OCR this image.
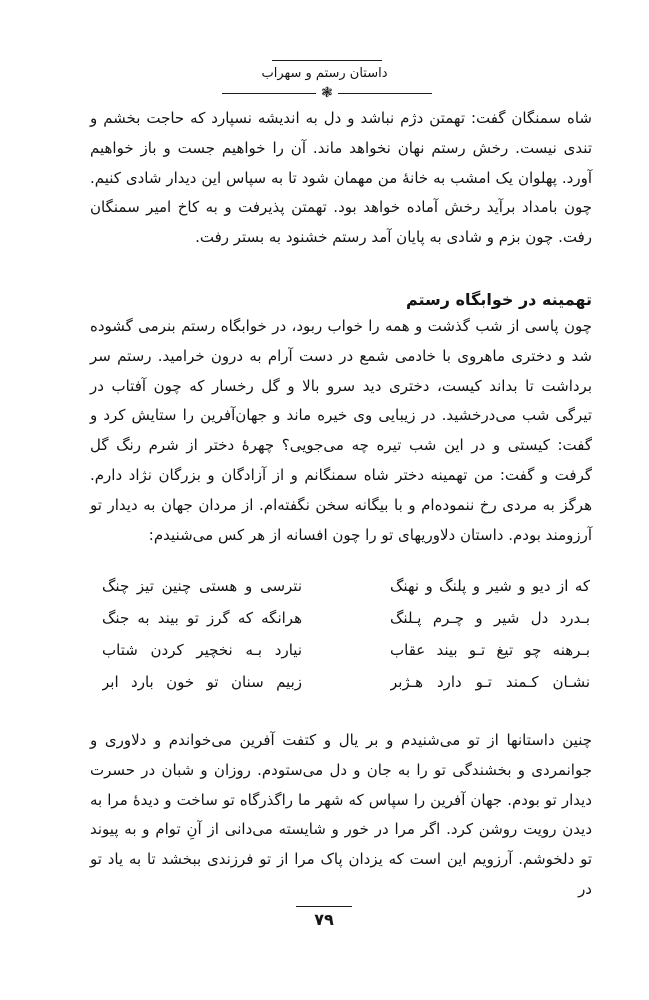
داستان رستم و سهراب
❃

شاه سمنگان گفت: تهمتن دژم نباشد و دل به اندیشه نسپارد که حاجت بخشم و تندی نیست. رخش رستم نهان نخواهد ماند. آن را خواهیم جست و باز خواهیم آورد. پهلوان یک امشب به خانهٔ من مهمان شود تا به سپاس این دیدار شادی کنیم. چون بامداد برآید رخش آماده خواهد بود. تهمتن پذیرفت و به کاخ امیر سمنگان رفت. چون بزم و شادی به پایان آمد رستم خشنود به بستر رفت.

تهمینه در خوابگاه رستم

چون پاسی از شب گذشت و همه را خواب ربود، در خوابگاه رستم بنرمی گشوده شد و دختری ماهروی با خادمی شمع در دست آرام به درون خرامید. رستم سر برداشت تا بداند کیست، دختری دید سرو بالا و گل رخسار که چون آفتاب در تیرگی شب می‌درخشید. در زیبایی وی خیره ماند و جهان‌آفرین را ستایش کرد و گفت: کیستی و در این شب تیره چه می‌جویی؟ چهرهٔ دختر از شرم رنگ گل گرفت و گفت: من تهمینه دختر شاه سمنگانم و از آزادگان و بزرگان نژاد دارم. هرگز به مردی رخ ننموده‌ام و با بیگانه سخن نگفته‌ام. از مردان جهان به دیدار تو آرزومند بودم. داستان دلاوریهای تو را چون افسانه از هر کس می‌شنیدم:

که از دیو و شیر و پلنگ و نهنگ
نترسی و هستی چنین تیز چنگ
بـدرد دل شیر و چـرم پـلنگ
هرانگه که گرز تو بیند به جنگ
بـرهنه چو تیغ تـو بیند عقاب
نیارد بـه نخچیر کردن شتاب
نشـان کـمند تـو دارد هـژبر
زبیم سنان تو خون بارد ابر

چنین داستانها از تو می‌شنیدم و بر یال و کتفت آفرین می‌خواندم و دلاوری و جوانمردی و بخشندگی تو را به جان و دل می‌ستودم. روزان و شبان در حسرت دیدار تو بودم. جهان آفرین را سپاس که شهر ما راگذرگاه تو ساخت و دیدهٔ مرا به دیدن رویت روشن کرد. اگر مرا در خور و شایسته می‌دانی از آنِ توام و به پیوند تو دلخوشم. آرزویم این است که یزدان پاک مرا از تو فرزندی ببخشد تا به یاد تو در

۷۹
